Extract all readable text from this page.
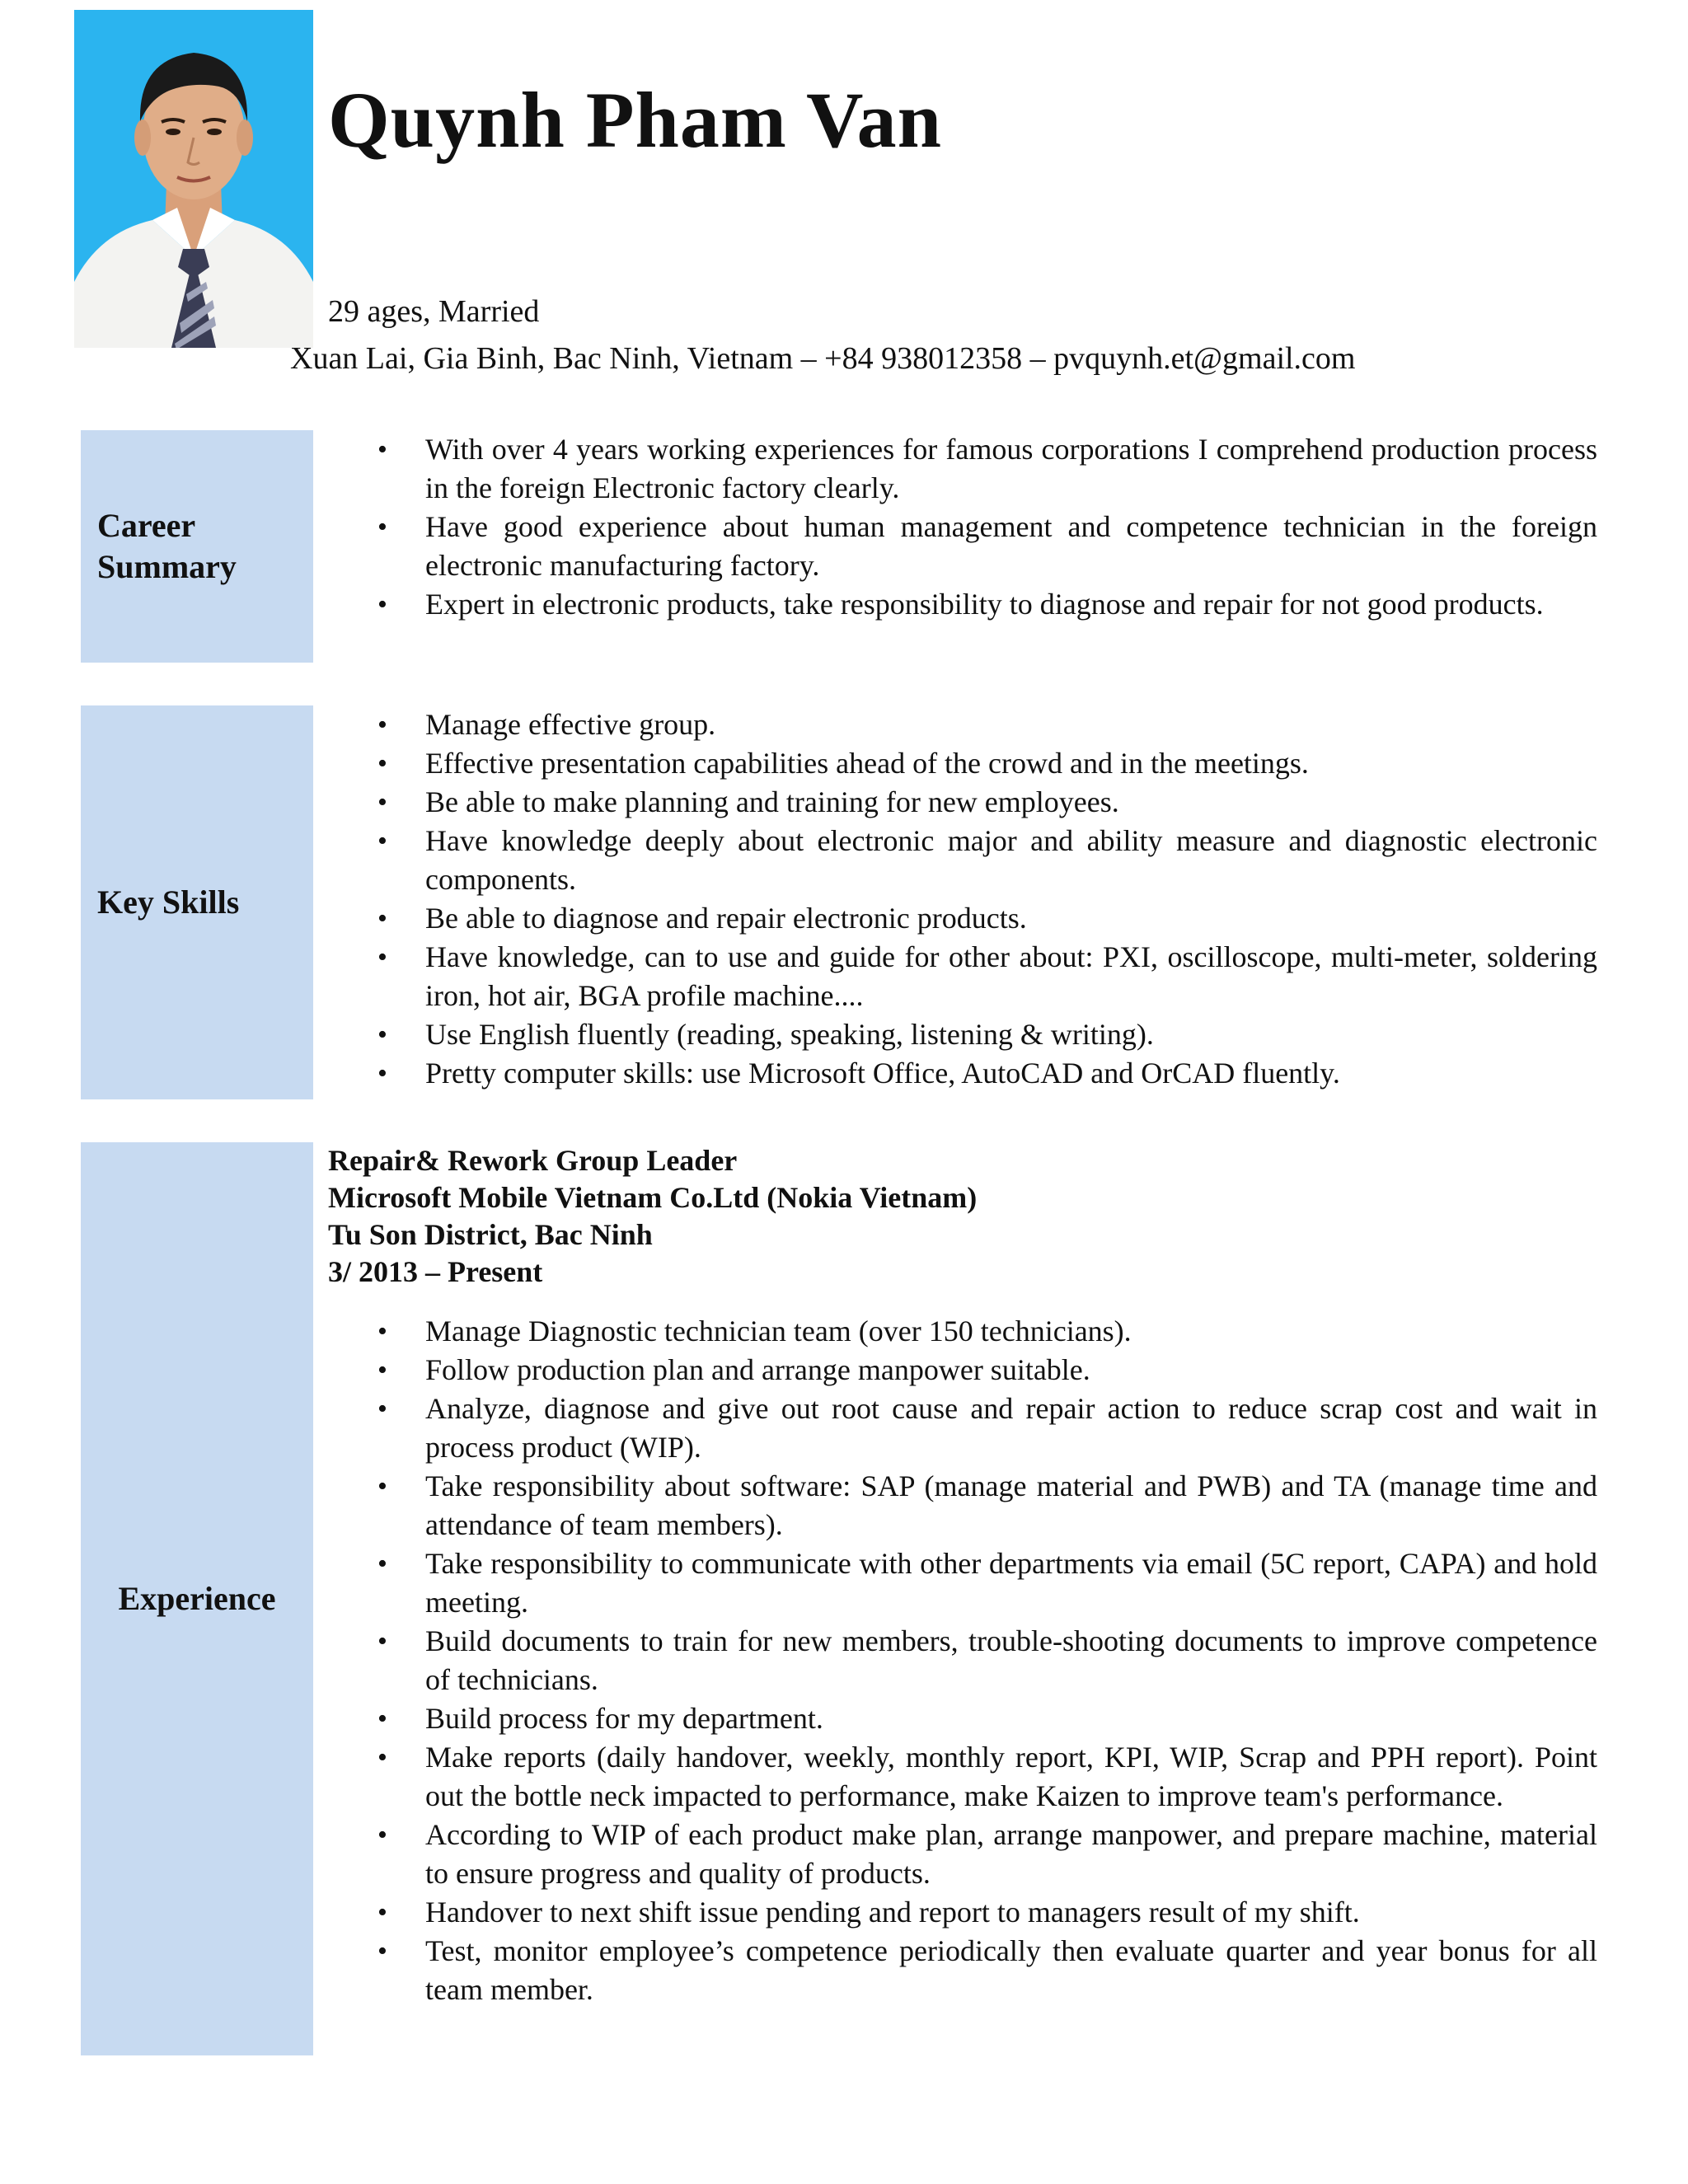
Quynh Pham Van
29 ages, Married
Xuan Lai, Gia Binh, Bac Ninh, Vietnam – +84 938012358 – pvquynh.et@gmail.com
Career Summary
• With over 4 years working experiences for famous corporations I comprehend production process in the foreign Electronic factory clearly.
• Have good experience about human management and competence technician in the foreign electronic manufacturing factory.
• Expert in electronic products, take responsibility to diagnose and repair for not good products.
Key Skills
• Manage effective group.
• Effective presentation capabilities ahead of the crowd and in the meetings.
• Be able to make planning and training for new employees.
• Have knowledge deeply about electronic major and ability measure and diagnostic electronic components.
• Be able to diagnose and repair electronic products.
• Have knowledge, can to use and guide for other about: PXI, oscilloscope, multi-meter, soldering iron, hot air, BGA profile machine....
• Use English fluently (reading, speaking, listening & writing).
• Pretty computer skills: use Microsoft Office, AutoCAD and OrCAD fluently.
Experience
Repair& Rework Group Leader
Microsoft Mobile Vietnam Co.Ltd (Nokia Vietnam)
Tu Son District, Bac Ninh
3/ 2013 – Present
• Manage Diagnostic technician team (over 150 technicians).
• Follow production plan and arrange manpower suitable.
• Analyze, diagnose and give out root cause and repair action to reduce scrap cost and wait in process product (WIP).
• Take responsibility about software: SAP (manage material and PWB) and TA (manage time and attendance of team members).
• Take responsibility to communicate with other departments via email (5C report, CAPA) and hold meeting.
• Build documents to train for new members, trouble-shooting documents to improve competence of technicians.
• Build process for my department.
• Make reports (daily handover, weekly, monthly report, KPI, WIP, Scrap and PPH report). Point out the bottle neck impacted to performance, make Kaizen to improve team's performance.
• According to WIP of each product make plan, arrange manpower, and prepare machine, material to ensure progress and quality of products.
• Handover to next shift issue pending and report to managers result of my shift.
• Test, monitor employee’s competence periodically then evaluate quarter and year bonus for all team member.
